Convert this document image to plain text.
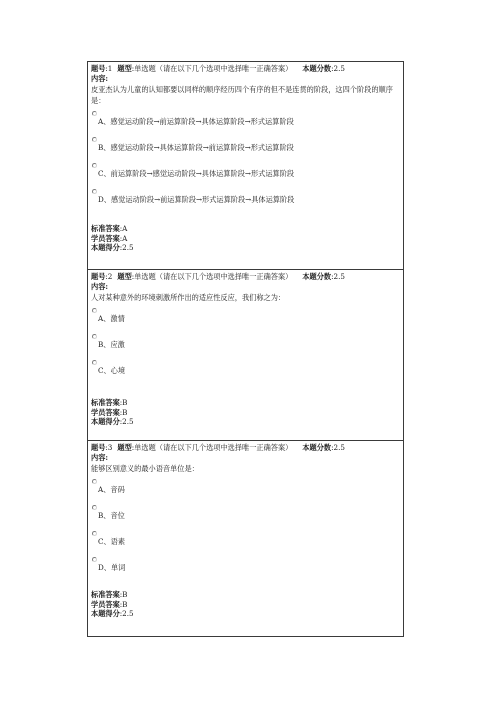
题号:1 题型:单选题（请在以下几个选项中选择唯一正确答案） 本题分数:2.5
内容:
皮亚杰认为儿童的认知都要以同样的顺序经历四个有序的但不是连贯的阶段，这四个阶段的顺序是：
A、感觉运动阶段→前运算阶段→具体运算阶段→形式运算阶段
B、感觉运动阶段→具体运算阶段→前运算阶段→形式运算阶段
C、前运算阶段→感觉运动阶段→具体运算阶段→形式运算阶段
D、感觉运动阶段→前运算阶段→形式运算阶段→具体运算阶段
标准答案:A
学员答案:A
本题得分:2.5
题号:2 题型:单选题（请在以下几个选项中选择唯一正确答案） 本题分数:2.5
内容:
人对某种意外的环境刺激所作出的适应性反应，我们称之为：
A、激情
B、应激
C、心境
标准答案:B
学员答案:B
本题得分:2.5
题号:3 题型:单选题（请在以下几个选项中选择唯一正确答案） 本题分数:2.5
内容:
能够区别意义的最小语音单位是：
A、音码
B、音位
C、语素
D、单词
标准答案:B
学员答案:B
本题得分:2.5
